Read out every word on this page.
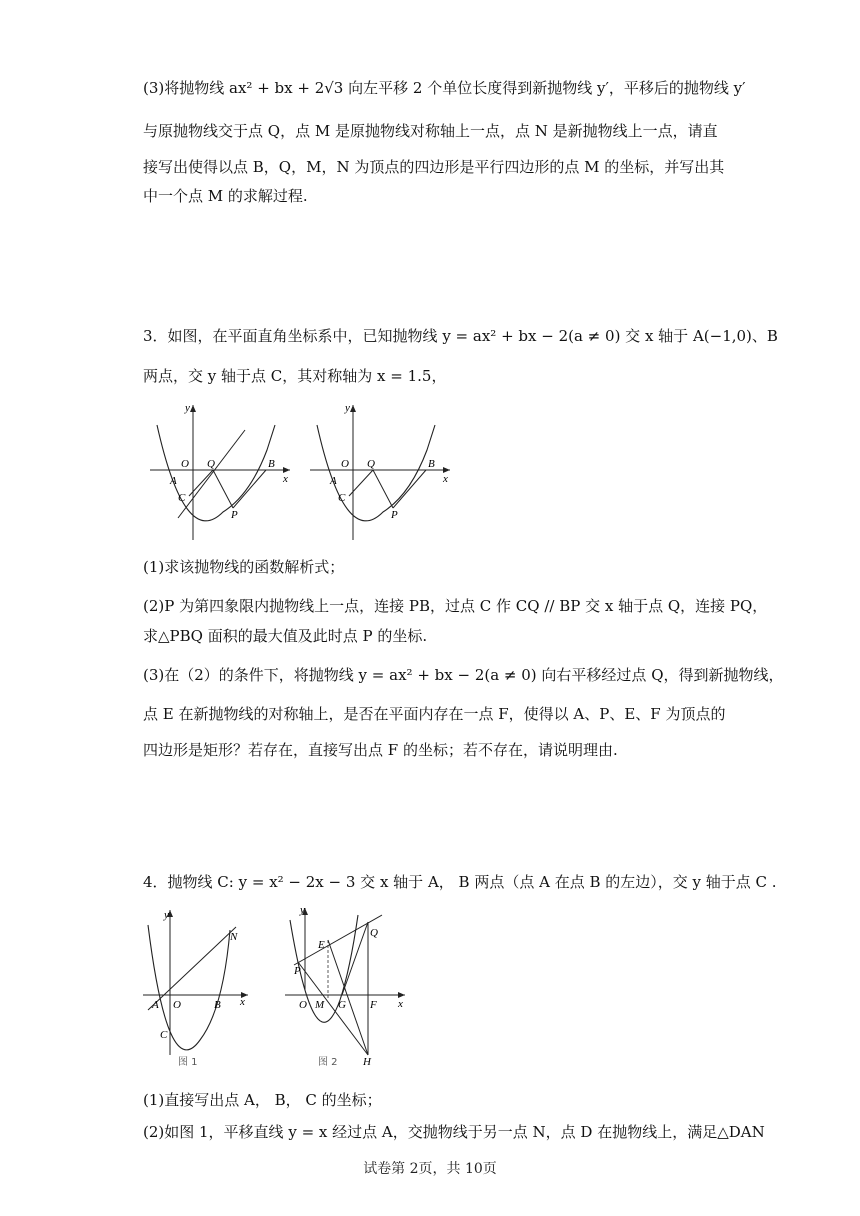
(3)将抛物线 ax² + bx + 2√3 向左平移 2 个单位长度得到新抛物线 y′，平移后的抛物线 y′
与原抛物线交于点 Q，点 M 是原抛物线对称轴上一点，点 N 是新抛物线上一点，请直
接写出使得以点 B，Q，M，N 为顶点的四边形是平行四边形的点 M 的坐标，并写出其
中一个点 M 的求解过程.
3．如图，在平面直角坐标系中，已知抛物线 y = ax² + bx − 2(a ≠ 0) 交 x 轴于 A(−1,0)、B
两点，交 y 轴于点 C，其对称轴为 x = 1.5，
y
x
O Q	B
A
C
P
y
x
O Q	B
A
C
P
(1)求该抛物线的函数解析式；
(2)P 为第四象限内抛物线上一点，连接 PB，过点 C 作 CQ // BP 交 x 轴于点 Q，连接 PQ，
求△PBQ 面积的最大值及此时点 P 的坐标.
(3)在（2）的条件下，将抛物线 y = ax² + bx − 2(a ≠ 0) 向右平移经过点 Q，得到新抛物线，
点 E 在新抛物线的对称轴上，是否在平面内存在一点 F，使得以 A、P、E、F 为顶点的
四边形是矩形？若存在，直接写出点 F 的坐标；若不存在，请说明理由.
4．抛物线 C: y = x² − 2x − 3 交 x 轴于 A， B 两点（点 A 在点 B 的左边），交 y 轴于点 C .
y
x
N
A O	B
C
图 1
y
x
E
Q
P
O M G F
H
图 2
(1)直接写出点 A， B， C 的坐标；
(2)如图 1，平移直线 y = x 经过点 A，交抛物线于另一点 N，点 D 在抛物线上，满足△DAN
试卷第 2页，共 10页
